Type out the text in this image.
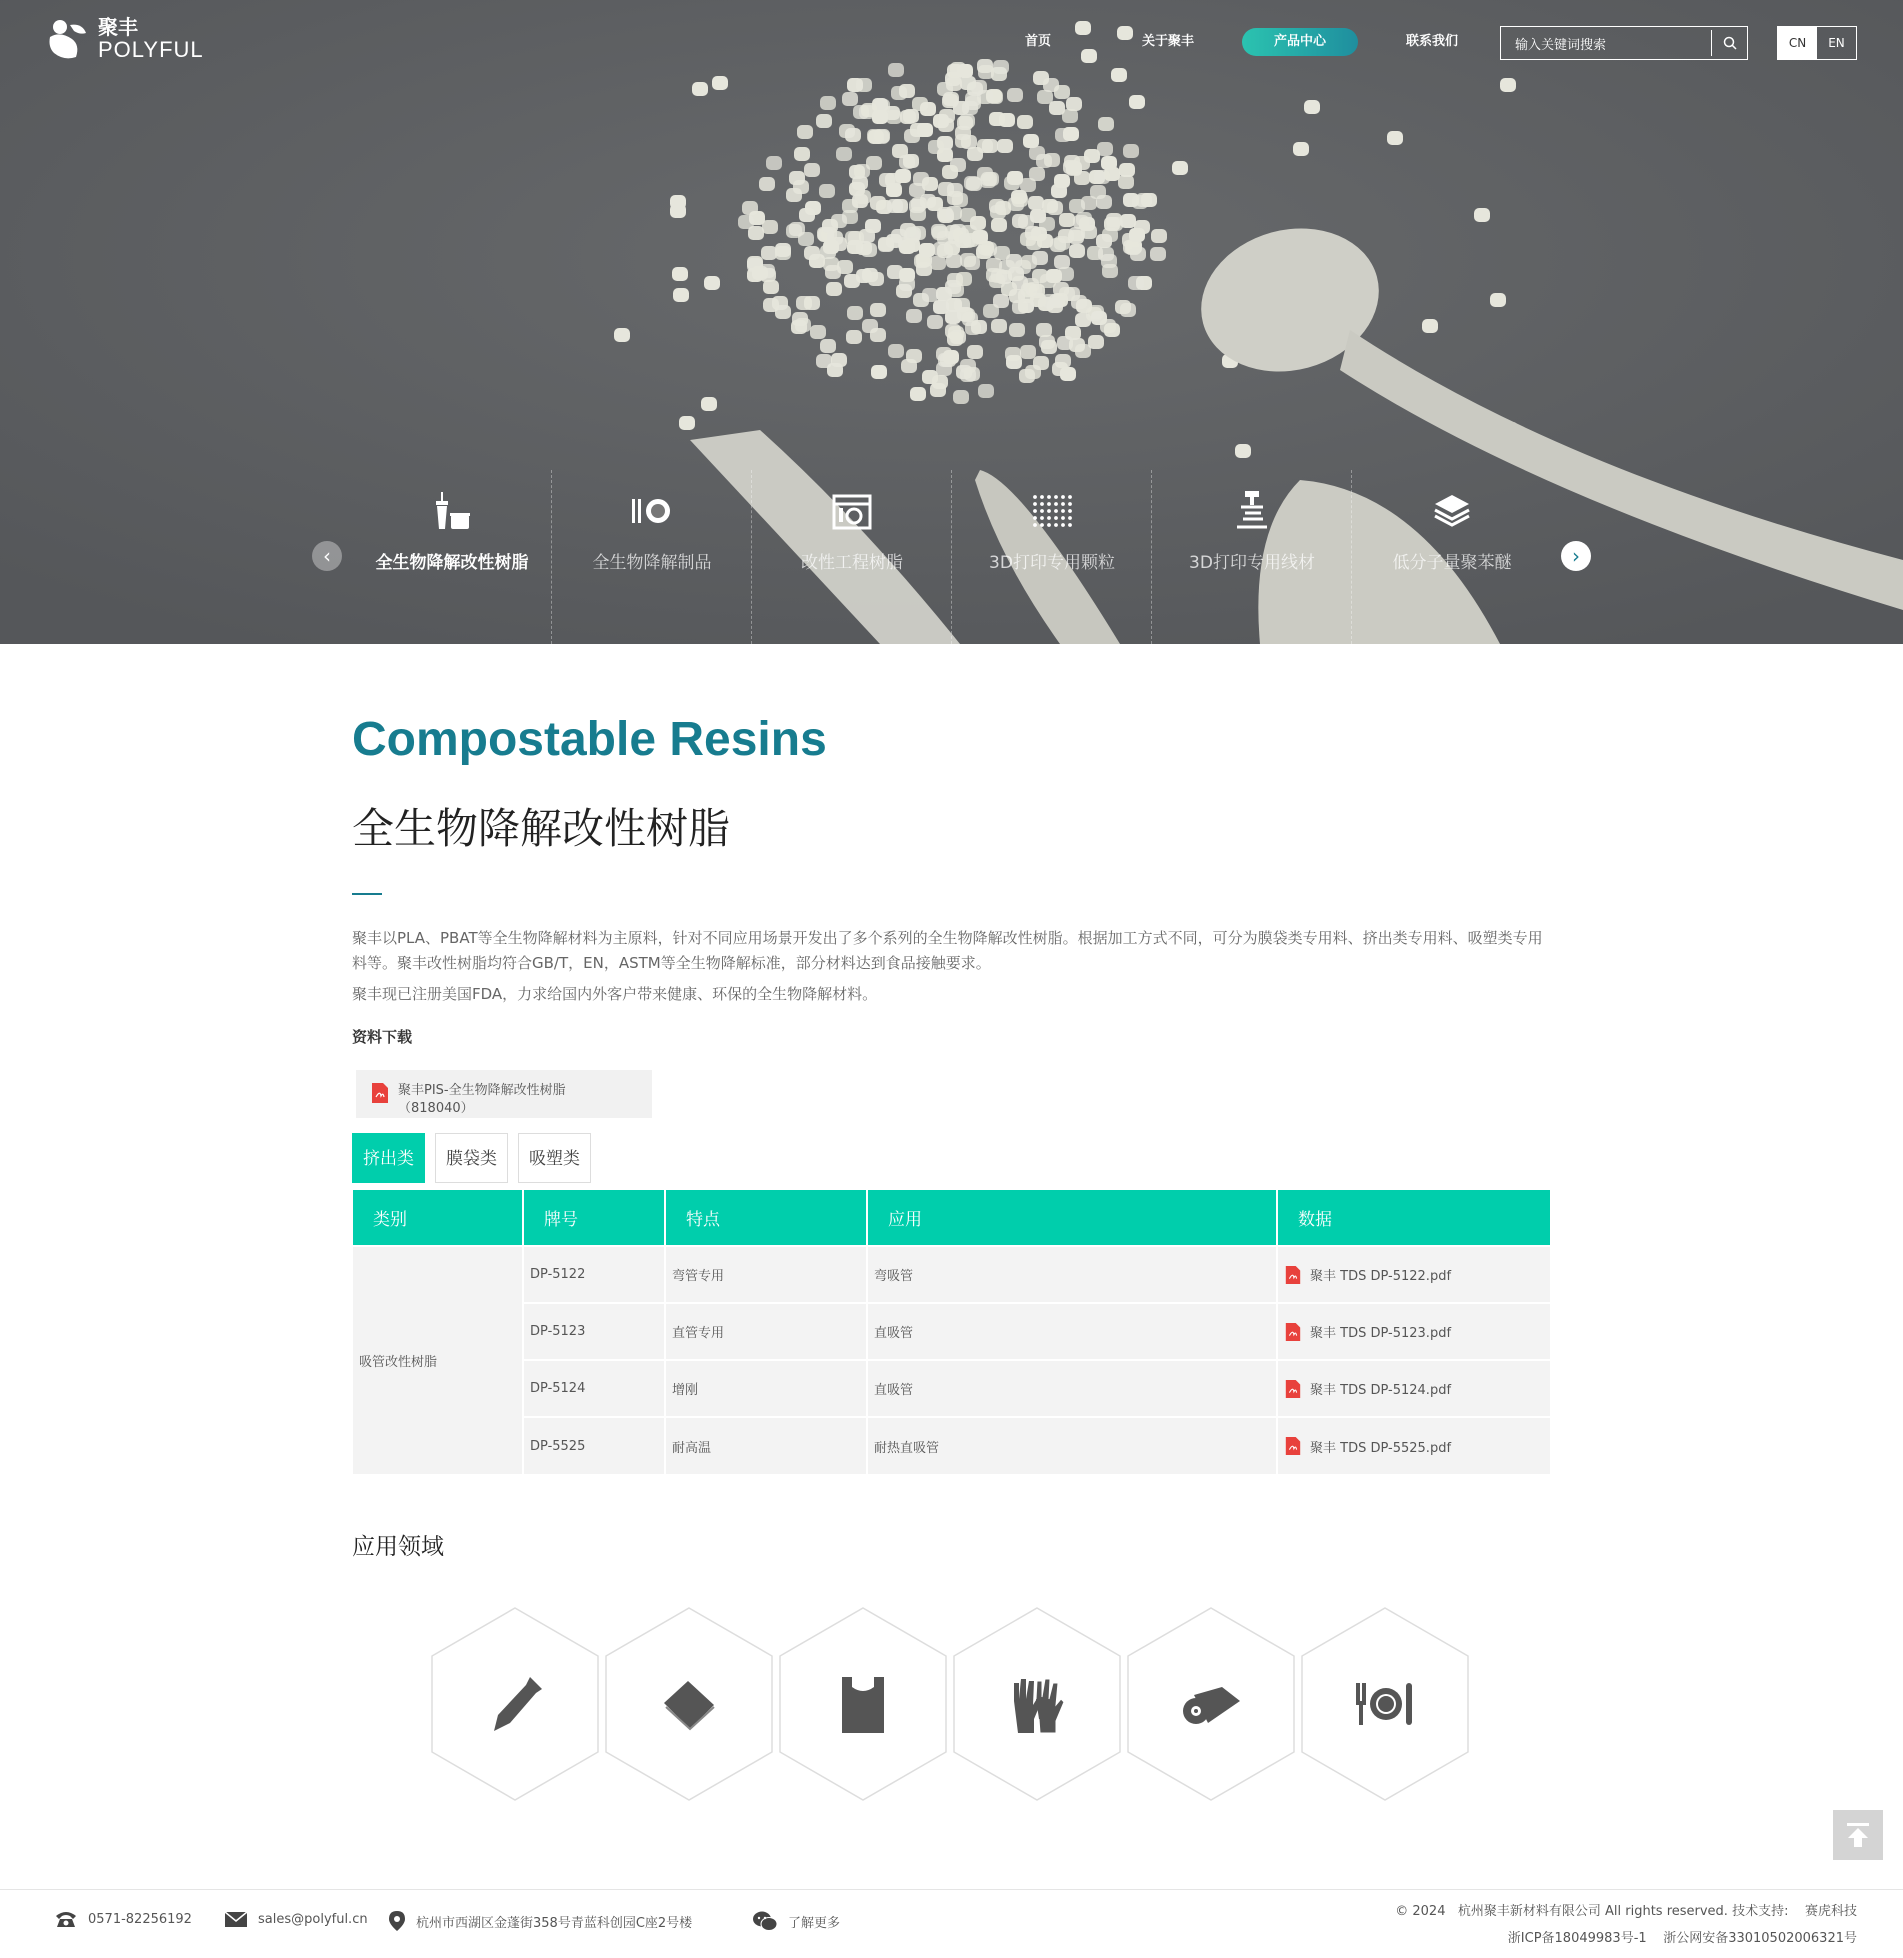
聚丰
POLYFUL	首页	关于聚丰	产品中心	联系我们	输入关键词搜索	CN	EN
‹	›
全生物降解改性树脂	全生物降解制品	改性工程树脂	3D打印专用颗粒	3D打印专用线材	低分子量聚苯醚
Compostable Resins
全生物降解改性树脂

聚丰以PLA、PBAT等全生物降解材料为主原料，针对不同应用场景开发出了多个系列的全生物降解改性树脂。根据加工方式不同，可分为膜袋类专用料、挤出类专用料、吸塑类专用料等。聚丰改性树脂均符合GB/T，EN，ASTM等全生物降解标准，部分材料达到食品接触要求。

聚丰现已注册美国FDA，力求给国内外客户带来健康、环保的全生物降解材料。

资料下载
聚丰PIS-全生物降解改性树脂（818040）
挤出类	膜袋类	吸塑类
类别	牌号	特点	应用	数据
吸管改性树脂	DP-5122	弯管专用	弯吸管	聚丰 TDS DP-5122.pdf

	DP-5123	直管专用	直吸管	聚丰 TDS DP-5123.pdf

	DP-5124	增刚	直吸管	聚丰 TDS DP-5124.pdf

	DP-5525	耐高温	耐热直吸管	聚丰 TDS DP-5525.pdf
应用领域
0571-82256192	sales@polyful.cn	杭州市西湖区金蓬街358号青蓝科创园C座2号楼	了解更多
© 2024   杭州聚丰新材料有限公司 All rights reserved. 技术支持:    赛虎科技
浙ICP备18049983号-1    浙公网安备33010502006321号
